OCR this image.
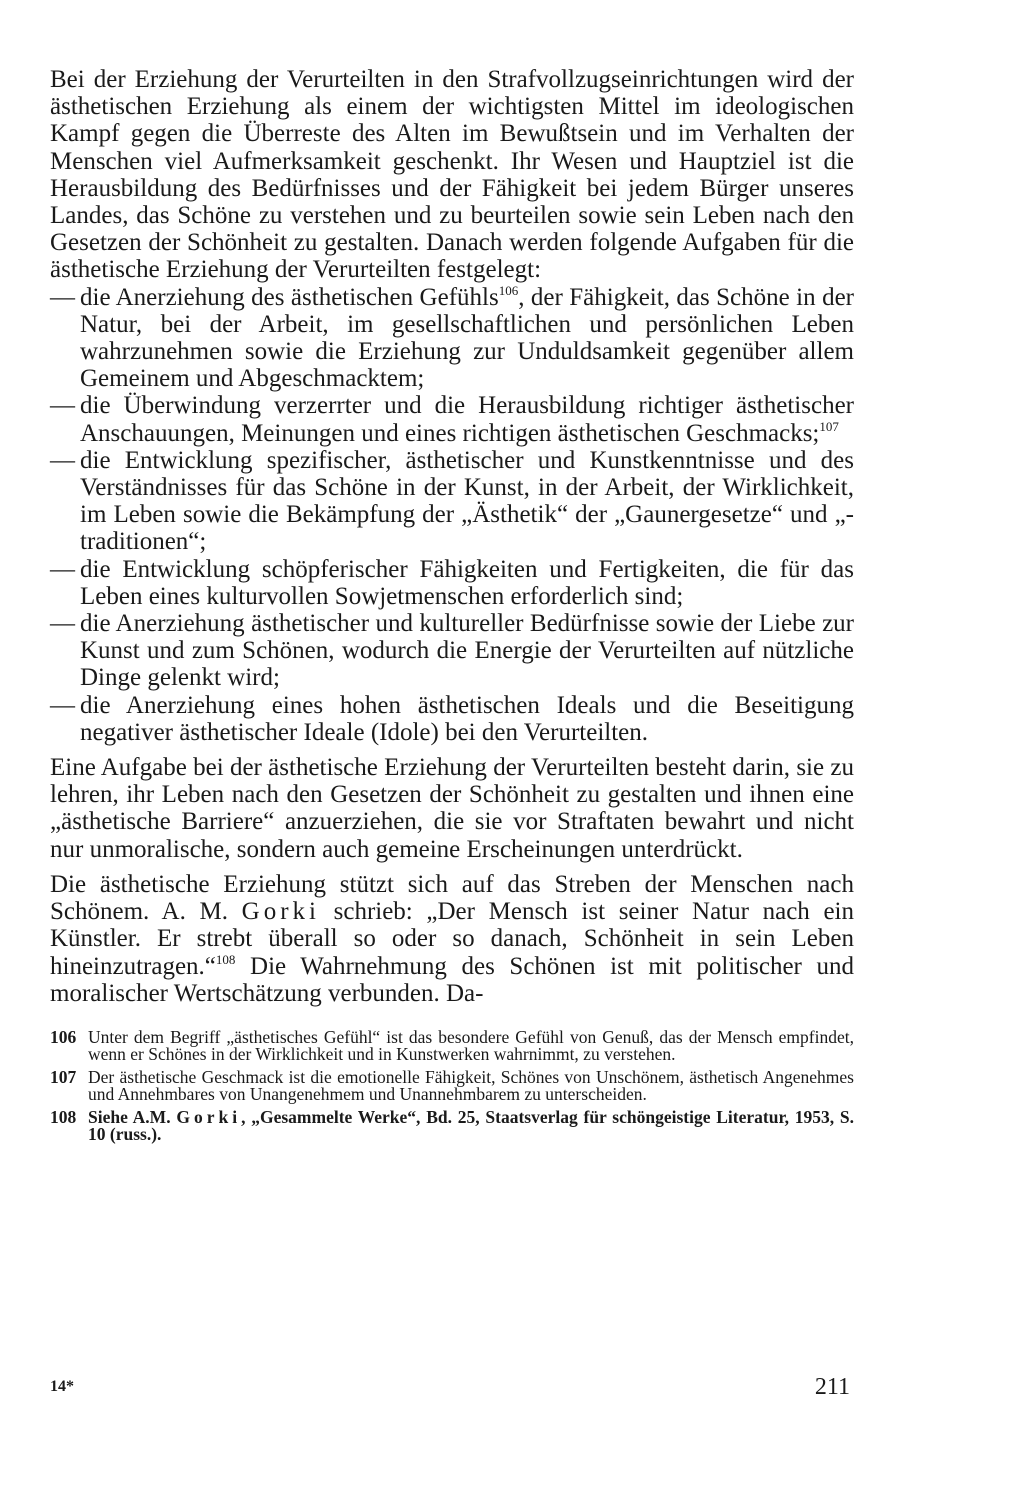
Bei der Erziehung der Verurteilten in den Strafvollzugseinrichtungen wird der ästhetischen Erziehung als einem der wichtigsten Mittel im ideologischen Kampf gegen die Überreste des Alten im Bewußtsein und im Verhalten der Menschen viel Aufmerksamkeit geschenkt. Ihr Wesen und Hauptziel ist die Herausbildung des Bedürfnisses und der Fähigkeit bei jedem Bürger unseres Landes, das Schöne zu verstehen und zu beurteilen sowie sein Leben nach den Gesetzen der Schönheit zu gestalten. Danach werden folgende Aufgaben für die ästhetische Erziehung der Verurteilten festgelegt:

— die Anerziehung des ästhetischen Gefühls$^{106}$, der Fähigkeit, das Schöne in der Natur, bei der Arbeit, im gesellschaftlichen und persönlichen Leben wahrzunehmen sowie die Erziehung zur Unduldsamkeit gegenüber allem Gemeinem und Abgeschmacktem;
— die Überwindung verzerrter und die Herausbildung richtiger ästhetischer Anschauungen, Meinungen und eines richtigen ästhetischen Geschmacks;$^{107}$
— die Entwicklung spezifischer, ästhetischer und Kunstkenntnisse und des Verständnisses für das Schöne in der Kunst, in der Arbeit, der Wirklichkeit, im Leben sowie die Bekämpfung der „Ästhetik“ der „Gaunergesetze“ und „-traditionen“;
— die Entwicklung schöpferischer Fähigkeiten und Fertigkeiten, die für das Leben eines kulturvollen Sowjetmenschen erforderlich sind;
— die Anerziehung ästhetischer und kultureller Bedürfnisse sowie der Liebe zur Kunst und zum Schönen, wodurch die Energie der Verurteilten auf nützliche Dinge gelenkt wird;
— die Anerziehung eines hohen ästhetischen Ideals und die Beseitigung negativer ästhetischer Ideale (Idole) bei den Verurteilten.

Eine Aufgabe bei der ästhetische Erziehung der Verurteilten besteht darin, sie zu lehren, ihr Leben nach den Gesetzen der Schönheit zu gestalten und ihnen eine „ästhetische Barriere“ anzuerziehen, die sie vor Straftaten bewahrt und nicht nur unmoralische, sondern auch gemeine Erscheinungen unterdrückt.

Die ästhetische Erziehung stützt sich auf das Streben der Menschen nach Schönem. A. M. Gorki schrieb: „Der Mensch ist seiner Natur nach ein Künstler. Er strebt überall so oder so danach, Schönheit in sein Leben hineinzutragen.“$^{108}$ Die Wahrnehmung des Schönen ist mit politischer und moralischer Wertschätzung verbunden. Da-

106 Unter dem Begriff „ästhetisches Gefühl“ ist das besondere Gefühl von Genuß, das der Mensch empfindet, wenn er Schönes in der Wirklichkeit und in Kunstwerken wahrnimmt, zu verstehen.
107 Der ästhetische Geschmack ist die emotionelle Fähigkeit, Schönes von Unschönem, ästhetisch Angenehmes und Annehmbares von Unangenehmem und Unannehmbarem zu unterscheiden.
108 Siehe A.M. Gorki, „Gesammelte Werke“, Bd. 25, Staatsverlag für schöngeistige Literatur, 1953, S. 10 (russ.).
14*	211
